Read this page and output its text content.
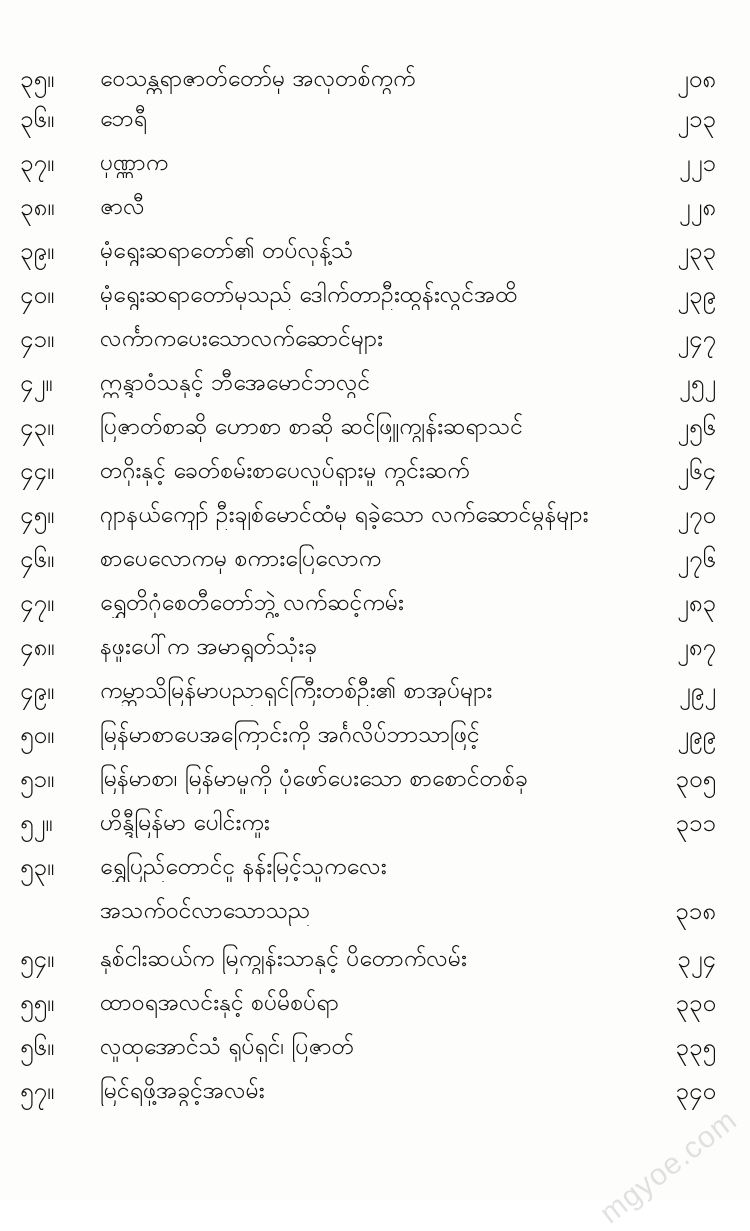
၃၅။ ဝေသန္တရာဇာတ်တော်မှ အလှတစ်ကွက်	၂၀၈
၃၆။ ဘေရီ	၂၁၃
၃၇။ ပုဏ္ဏာက	၂၂၁
၃၈။ ဇာလီ	၂၂၈
၃၉။ မုံရွေးဆရာတော်၏ တပ်လှန့်သံ	၂၃၃
၄၀။ မုံရွေးဆရာတော်မှသည် ဒေါက်တာဦးထွန်းလွင်အထိ	၂၃၉
၄၁။ လင်္ကာကပေးသောလက်ဆောင်များ	၂၄၇
၄၂။ ဣန္ဒာဝံသနှင့် ဘီအေမောင်ဘလွင်	၂၅၂
၄၃။ ပြဇာတ်စာဆို ဟောစာ စာဆို ဆင်ဖြူကျွန်းဆရာသင်	၂၅၆
၄၄။ တဂိုးနှင့် ခေတ်စမ်းစာပေလှုပ်ရှားမှု ကွင်းဆက်	၂၆၄
၄၅။ ဂျာနယ်ကျော် ဦးချစ်မောင်ထံမှ ရခဲ့သော လက်ဆောင်မွန်များ	၂၇၀
၄၆။ စာပေလောကမှ စကားပြေလောက	၂၇၆
၄၇။ ရွှေတိဂုံစေတီတော်ဘွဲ့ လက်ဆင့်ကမ်း	၂၈၃
၄၈။ နဖူးပေါ်က အမာရွတ်သုံးခု	၂၈၇
၄၉။ ကမ္ဘာသိမြန်မာပညာရှင်ကြီးတစ်ဦး၏ စာအုပ်များ	၂၉၂
၅၀။ မြန်မာစာပေအကြောင်းကို အင်္ဂလိပ်ဘာသာဖြင့်	၂၉၉
၅၁။ မြန်မာစာ၊ မြန်မာမှုကို ပုံဖော်ပေးသော စာစောင်တစ်ခု	၃၀၅
၅၂။ ဟိန္ဒီမြန်မာ ပေါင်းကူး	၃၁၁
၅၃။ ရွှေပြည်တောင်ငူ နန်းမြင့်သူကလေး
အသက်ဝင်လာသောသည	၃၁၈
၅၄။ နှစ်ငါးဆယ်က မြကျွန်းသာနှင့် ပိတောက်လမ်း	၃၂၄
၅၅။ ထာဝရအလင်းနှင့် စပ်မိစပ်ရာ	၃၃၀
၅၆။ လူထုအောင်သံ ရုပ်ရှင်၊ ပြဇာတ်	၃၃၅
၅၇။ မြင်ရဖို့အခွင့်အလမ်း	၃၄၀
mgyoe.com
